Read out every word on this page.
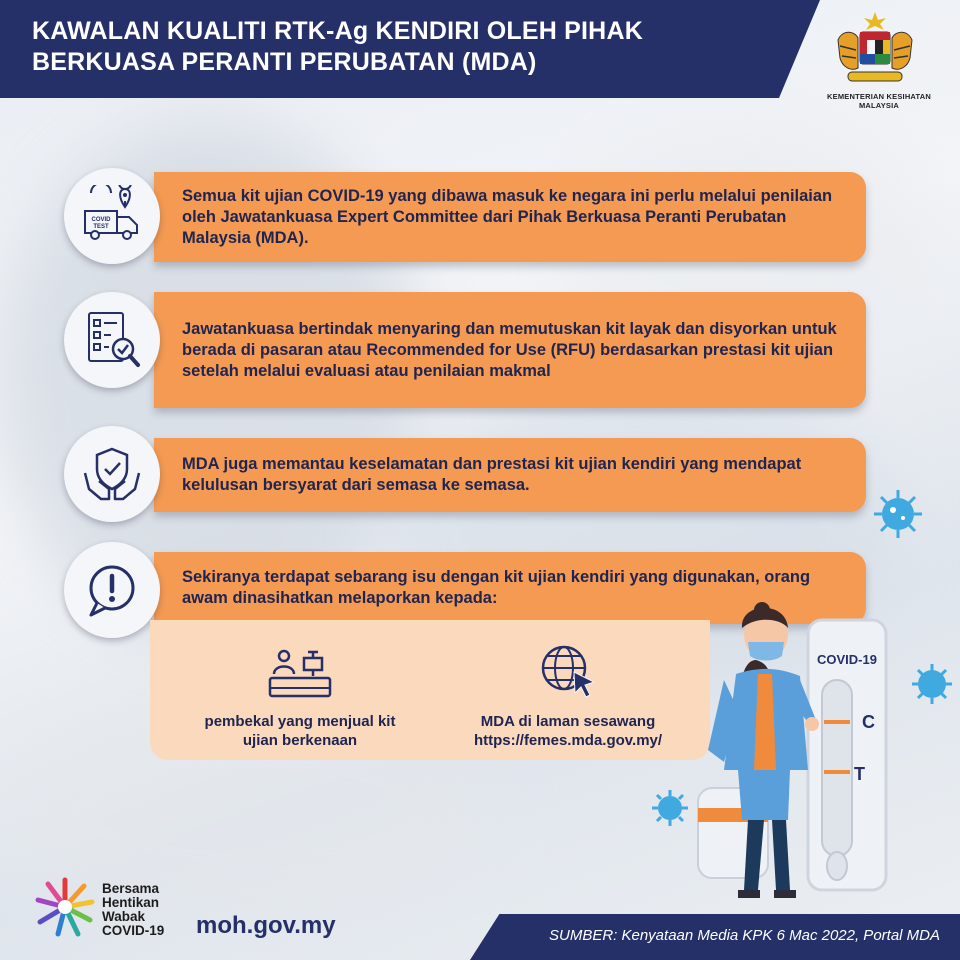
KAWALAN KUALITI RTK-Ag KENDIRI OLEH PIHAK BERKUASA PERANTI PERUBATAN (MDA)
KEMENTERIAN KESIHATAN MALAYSIA
Semua kit ujian COVID-19 yang dibawa masuk ke negara ini perlu melalui penilaian oleh Jawatankuasa Expert Committee dari Pihak Berkuasa Peranti Perubatan Malaysia (MDA).
COVID
TEST
Jawatankuasa bertindak menyaring dan memutuskan kit layak dan disyorkan untuk berada di pasaran atau Recommended for Use (RFU) berdasarkan prestasi kit ujian setelah melalui evaluasi atau penilaian makmal
MDA juga memantau keselamatan dan prestasi kit ujian kendiri yang mendapat kelulusan bersyarat dari semasa ke semasa.
Sekiranya terdapat sebarang isu dengan kit ujian kendiri yang digunakan, orang awam dinasihatkan melaporkan kepada:
pembekal yang menjual kit ujian berkenaan
MDA di laman sesawang https://femes.mda.gov.my/
COVID-19
C
T
SUMBER: Kenyataan Media KPK 6 Mac 2022, Portal MDA
Bersama
Hentikan
Wabak
COVID-19 moh.gov.my
